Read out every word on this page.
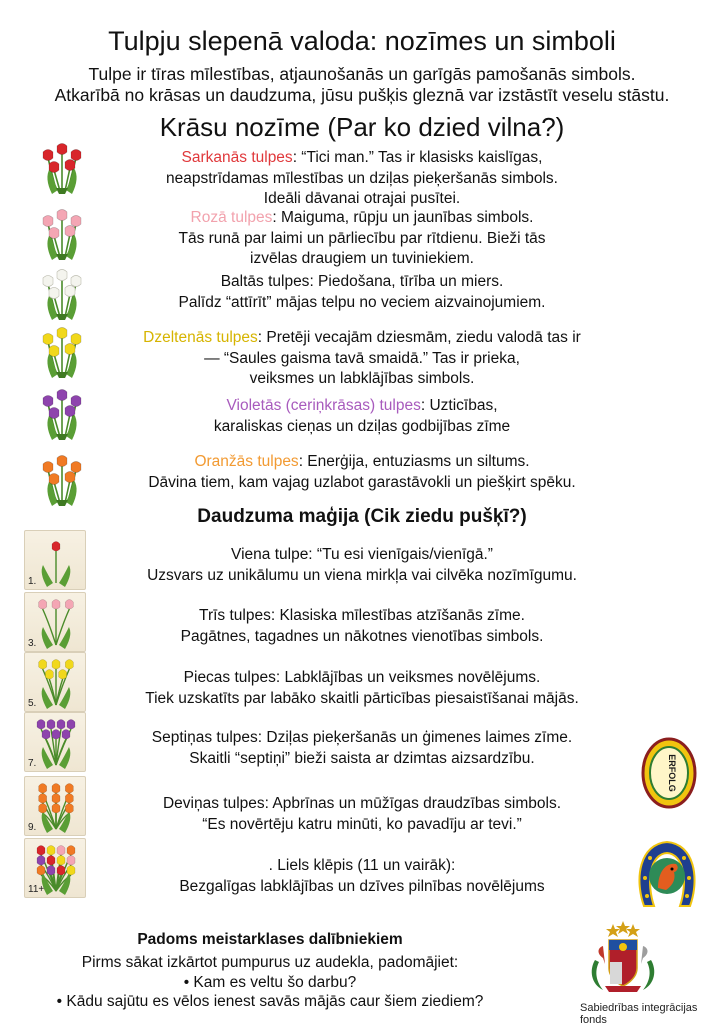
Tulpju slepenā valoda: nozīmes un simboli
Tulpe ir tīras mīlestības, atjaunošanās un garīgās pamošanās simbols.
Atkarībā no krāsas un daudzuma, jūsu pušķis gleznā var izstāstīt veselu stāstu.
Krāsu nozīme (Par ko dzied vilna?)
Sarkanās tulpes: “Tici man.” Tas ir klasisks kaislīgas,
neapstrīdamas mīlestības un dziļas pieķeršanās simbols.
Ideāli dāvanai otrajai pusītei.
Rozā tulpes: Maiguma, rūpju un jaunības simbols.
Tās runā par laimi un pārliecību par rītdienu. Bieži tās
izvēlas draugiem un tuviniekiem.
Baltās tulpes: Piedošana, tīrība un miers.
Palīdz “attīrīt” mājas telpu no veciem aizvainojumiem.
Dzeltenās tulpes: Pretēji vecajām dziesmām, ziedu valodā tas ir
— “Saules gaisma tavā smaidā.” Tas ir prieka,
veiksmes un labklājības simbols.
Violetās (ceriņkrāsas) tulpes: Uzticības,
karaliskas cieņas un dziļas godbijības zīme
Oranžās tulpes: Enerģija, entuziasms un siltums.
Dāvina tiem, kam vajag uzlabot garastāvokli un piešķirt spēku.
Daudzuma maģija (Cik ziedu pušķī?)
1.
Viena tulpe: “Tu esi vienīgais/vienīgā.”
Uzsvars uz unikālumu un viena mirkļa vai cilvēka nozīmīgumu.
3.
Trīs tulpes: Klasiska mīlestības atzīšanās zīme.
Pagātnes, tagadnes un nākotnes vienotības simbols.
5.
Piecas tulpes: Labklājības un veiksmes novēlējums.
Tiek uzskatīts par labāko skaitli pārticības piesaistīšanai mājās.
7.
Septiņas tulpes: Dziļas pieķeršanās un ģimenes laimes zīme.
Skaitli “septiņi” bieži saista ar dzimtas aizsardzību.
9.
Deviņas tulpes: Apbrīnas un mūžīgas draudzības simbols.
“Es novērtēju katru minūti, ko pavadīju ar tevi.”
11+
. Liels klēpis (11 un vairāk):
Bezgalīgas labklājības un dzīves pilnības novēlējums
Padoms meistarklases dalībniekiem
Pirms sākat izkārtot pumpurus uz audekla, padomājiet:
• Kam es veltu šo darbu?
• Kādu sajūtu es vēlos ienest savās mājās caur šiem ziediem?
ERFOLG
Sabiedrības integrācijas fonds
